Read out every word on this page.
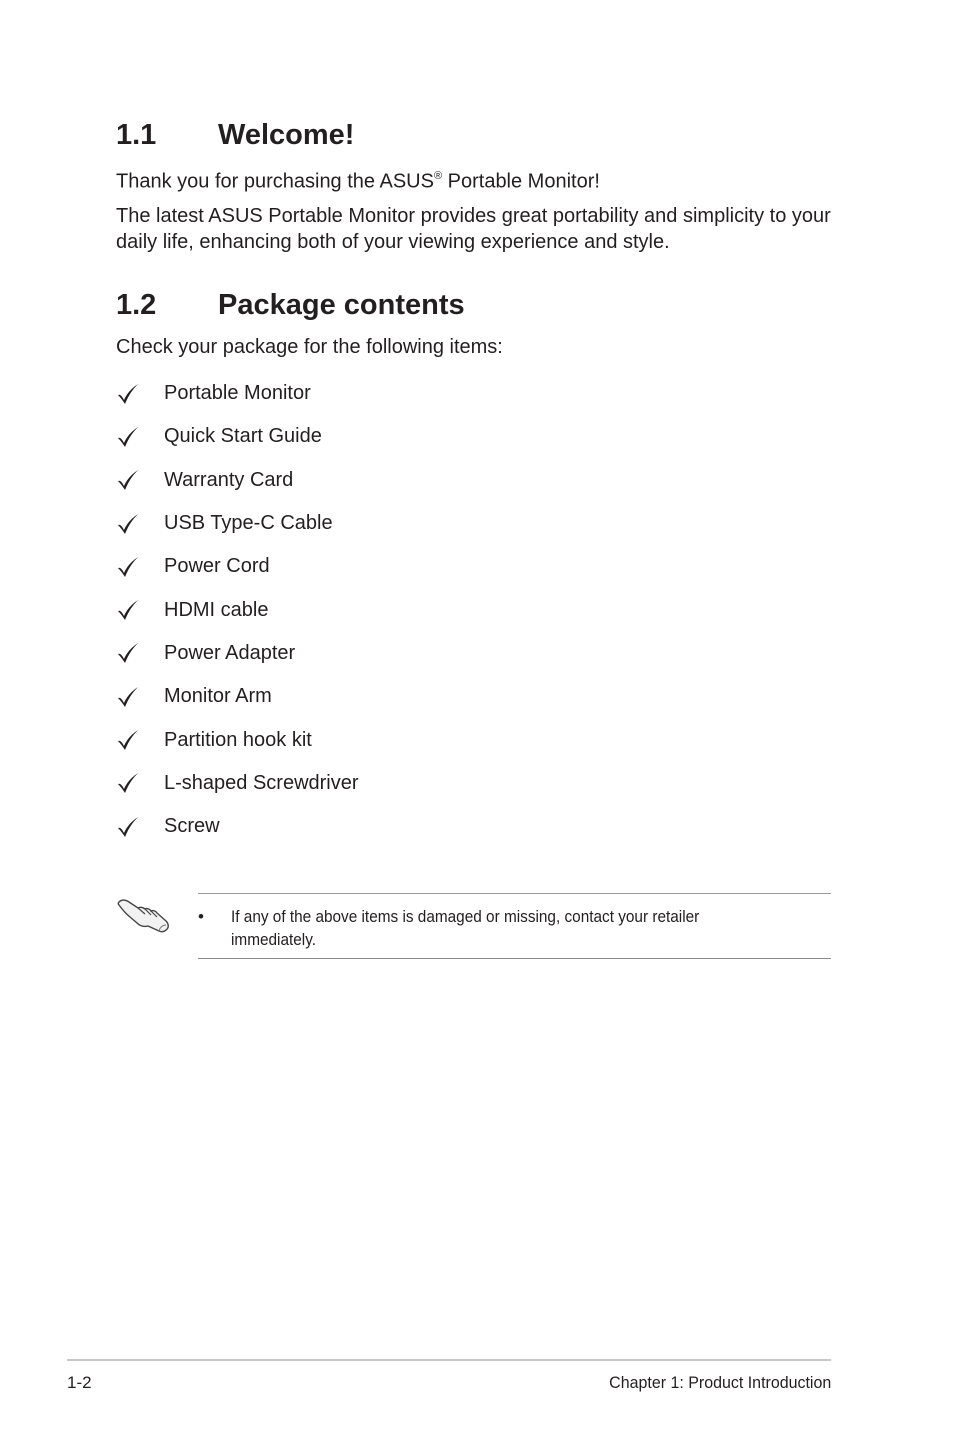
1.1 Welcome!

Thank you for purchasing the ASUS® Portable Monitor!

The latest ASUS Portable Monitor provides great portability and simplicity to your daily life, enhancing both of your viewing experience and style.

1.2 Package contents

Check your package for the following items:

Portable Monitor
Quick Start Guide
Warranty Card
USB Type-C Cable
Power Cord
HDMI cable
Power Adapter
Monitor Arm
Partition hook kit
L-shaped Screwdriver
Screw
• If any of the above items is damaged or missing, contact your retailer immediately.

1-2	Chapter 1: Product Introduction
